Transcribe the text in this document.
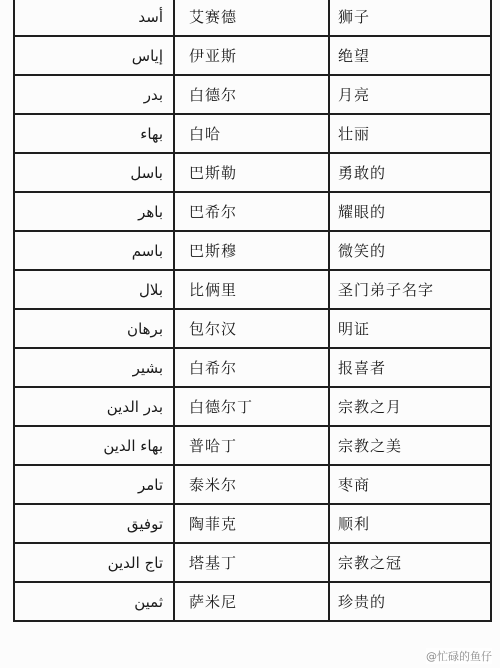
أسد	艾赛德	狮子
إياس	伊亚斯	绝望
بدر	白德尔	月亮
بهاء	白哈	壮丽
باسل	巴斯勒	勇敢的
باهر	巴希尔	耀眼的
باسم	巴斯穆	微笑的
بلال	比俩里	圣门弟子名字
برهان	包尔汉	明证
بشير	白希尔	报喜者
بدر الدين	白德尔丁	宗教之月
بهاء الدين	普哈丁	宗教之美
تامر	泰米尔	枣商
توفيق	陶菲克	顺利
تاج الدين	塔基丁	宗教之冠
ثمين	萨米尼	珍贵的
@忙碌的鱼仔
